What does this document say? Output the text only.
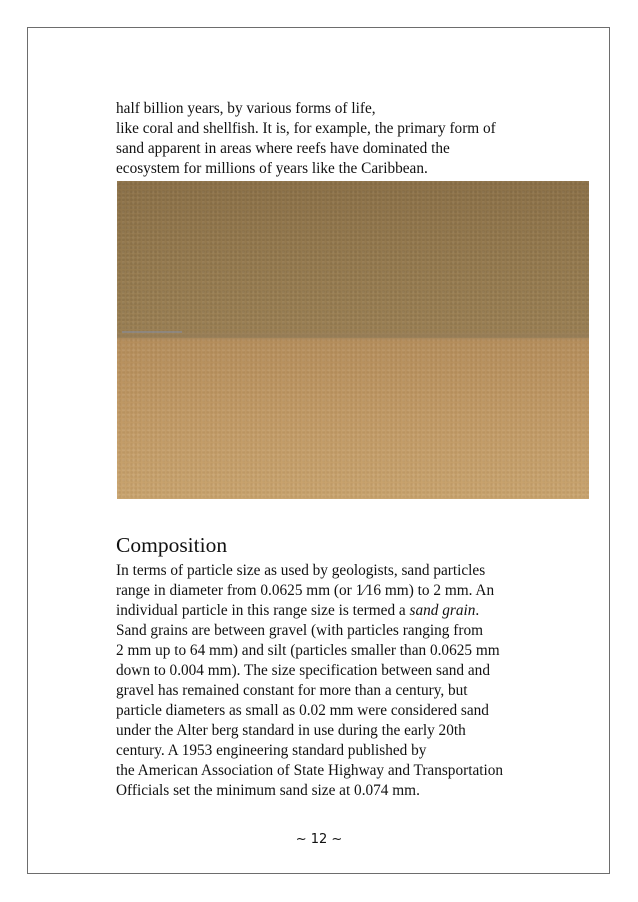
half billion years, by various forms of life,
like coral and shellfish. It is, for example, the primary form of
sand apparent in areas where reefs have dominated the
ecosystem for millions of years like the Caribbean.
Composition
In terms of particle size as used by geologists, sand particles
range in diameter from 0.0625 mm (or 1⁄16 mm) to 2 mm. An
individual particle in this range size is termed a sand grain.
Sand grains are between gravel (with particles ranging from
2 mm up to 64 mm) and silt (particles smaller than 0.0625 mm
down to 0.004 mm). The size specification between sand and
gravel has remained constant for more than a century, but
particle diameters as small as 0.02 mm were considered sand
under the Alter berg standard in use during the early 20th
century. A 1953 engineering standard published by
the American Association of State Highway and Transportation
Officials set the minimum sand size at 0.074 mm.
~ 12 ~
